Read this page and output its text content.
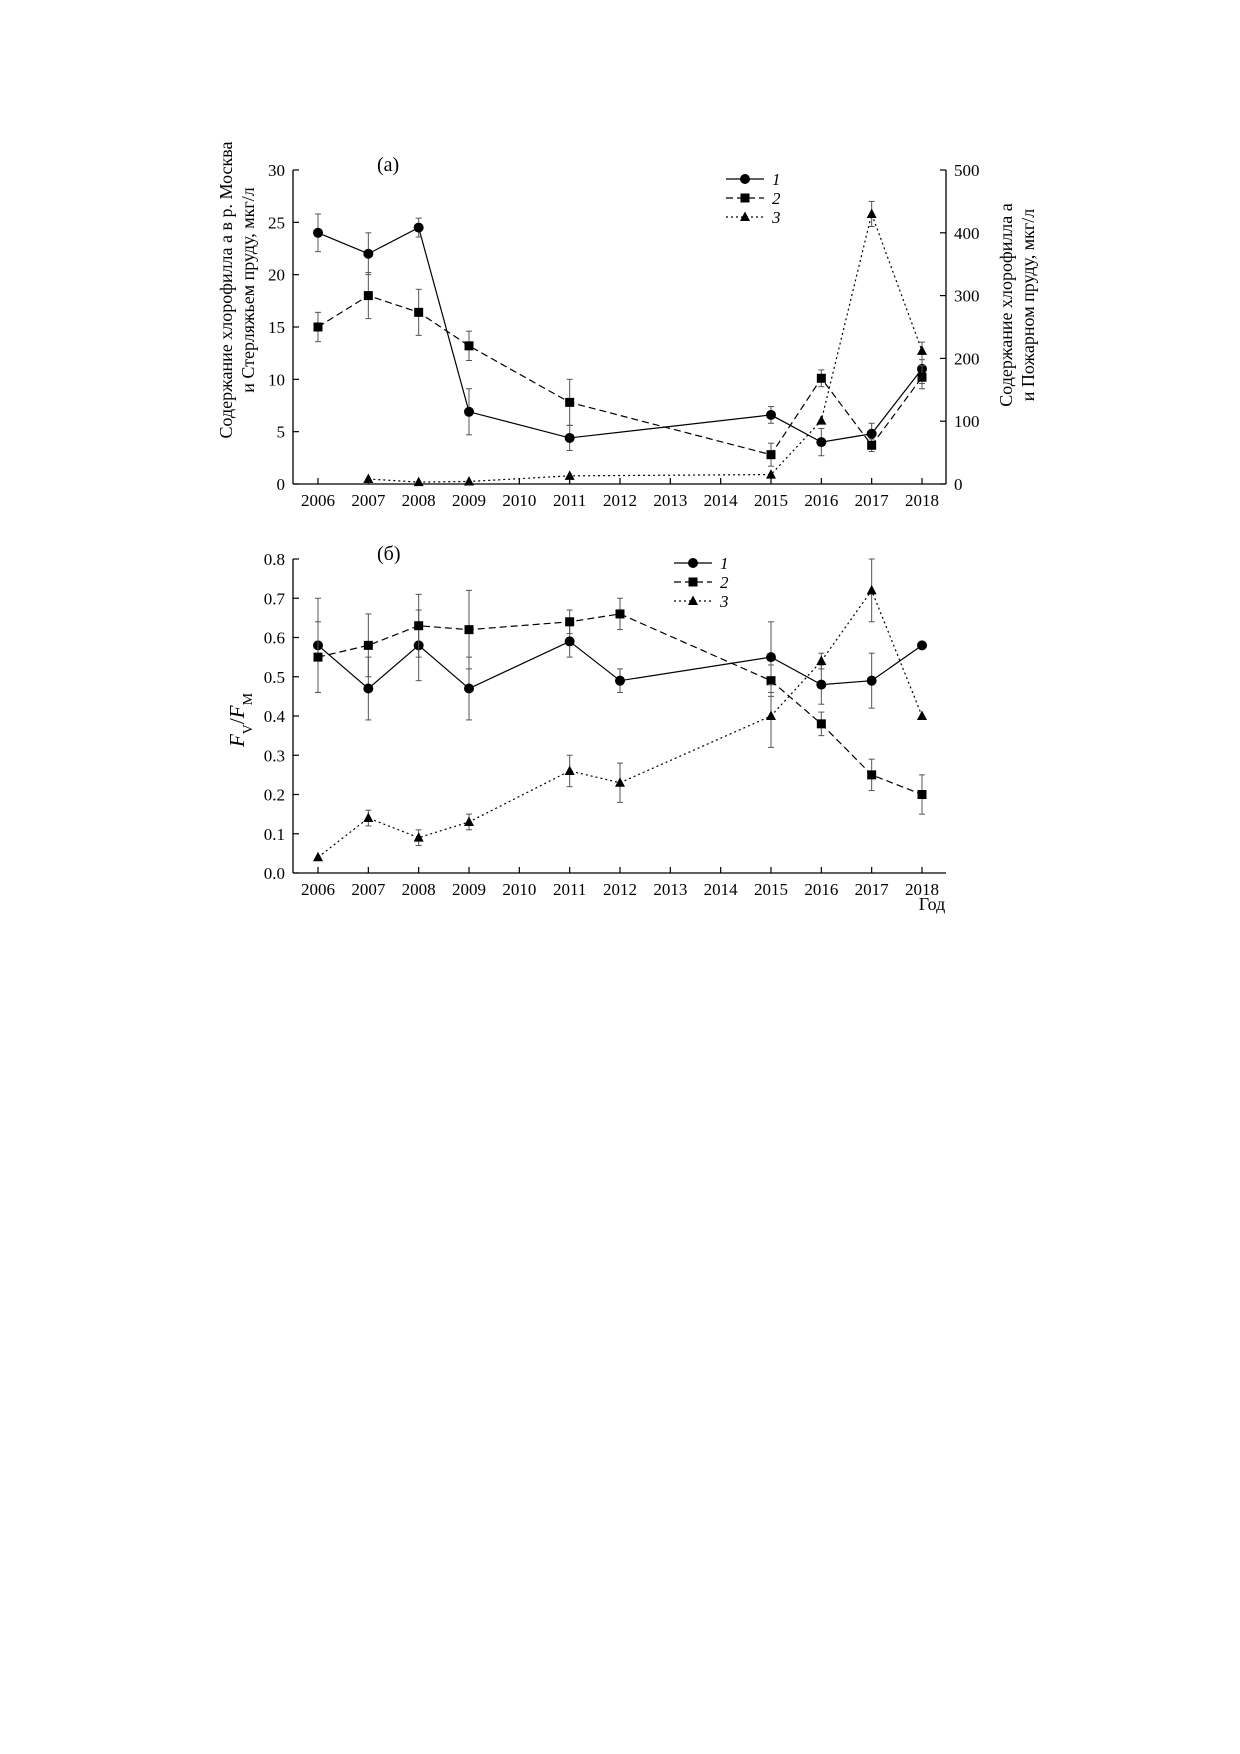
(а)
Содержание хлорофилла a в р. Москва и Стерляжьем пруду, мкг/л	Содержание хлорофилла a и Пожарном пруду, мкг/л
0
5
10
15
20
25
30
0
100
200
300
400
500
2006 2007 2008 2009 2010 2011 2012 2013 2014 2015 2016 2017 2018
1
2
3
(б)
$F_V/F_M$
Год
0.0
0.1
0.2
0.3
0.4
0.5
0.6
0.7
0.8
2006 2007 2008 2009 2010 2011 2012 2013 2014 2015 2016 2017 2018
1
2
3
